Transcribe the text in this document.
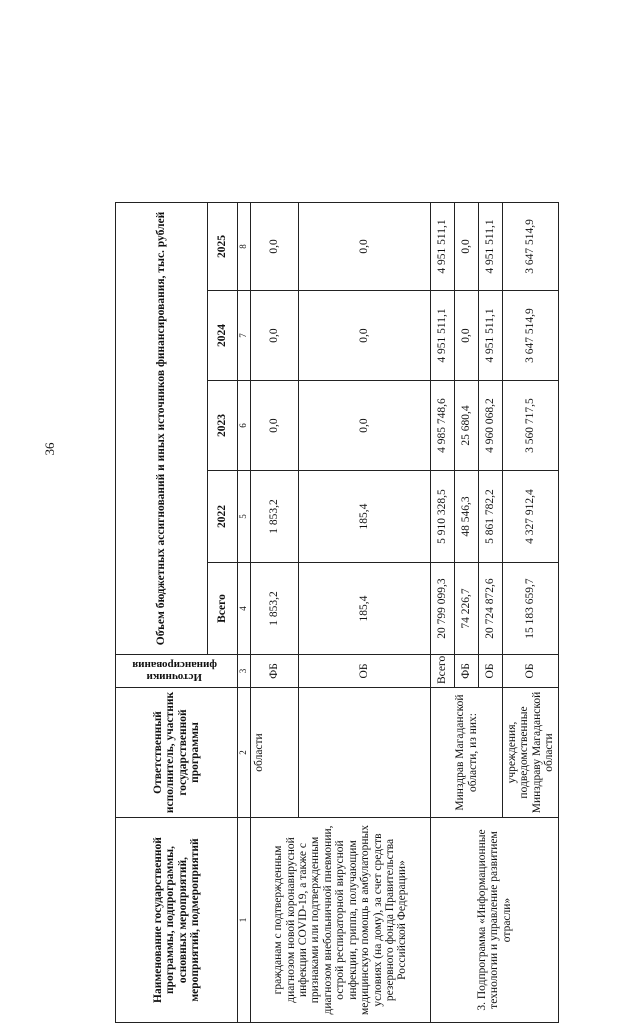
36
Наименование государственной программы, подпрограммы, основных мероприятий, мероприятий, подмероприятий	Ответственный исполнитель, участник государственной программы	Источники финансирования	Объем бюджетных ассигнований и иных источников финансирования, тыс. рублей				
			Всего	2022	2023	2024	2025
1	2	3	4	5	6	7	8
гражданам с подтвержденным диагнозом новой коронавирусной инфекции COVID-19, а также с признаками или подтвержденным диагнозом внебольничной пневмонии, острой респираторной вирусной инфекции, гриппа, получающим медицинскую помощь в амбулаторных условиях (на дому), за счет средств резервного фонда Правительства Российской Федерации»	области	ФБ	1 853,2	1 853,2	0,0	0,0	0,0
		ОБ	185,4	185,4	0,0	0,0	0,0
3. Подпрограмма «Информационные технологии и управление развитием отрасли»	Минздрав Магаданской области, из них:	Всего	20 799 099,3	5 910 328,5	4 985 748,6	4 951 511,1	4 951 511,1
		ФБ	74 226,7	48 546,3	25 680,4	0,0	0,0
		ОБ	20 724 872,6	5 861 782,2	4 960 068,2	4 951 511,1	4 951 511,1
	учреждения, подведомственные Минздраву Магаданской области	ОБ	15 183 659,7	4 327 912,4	3 560 717,5	3 647 514,9	3 647 514,9
